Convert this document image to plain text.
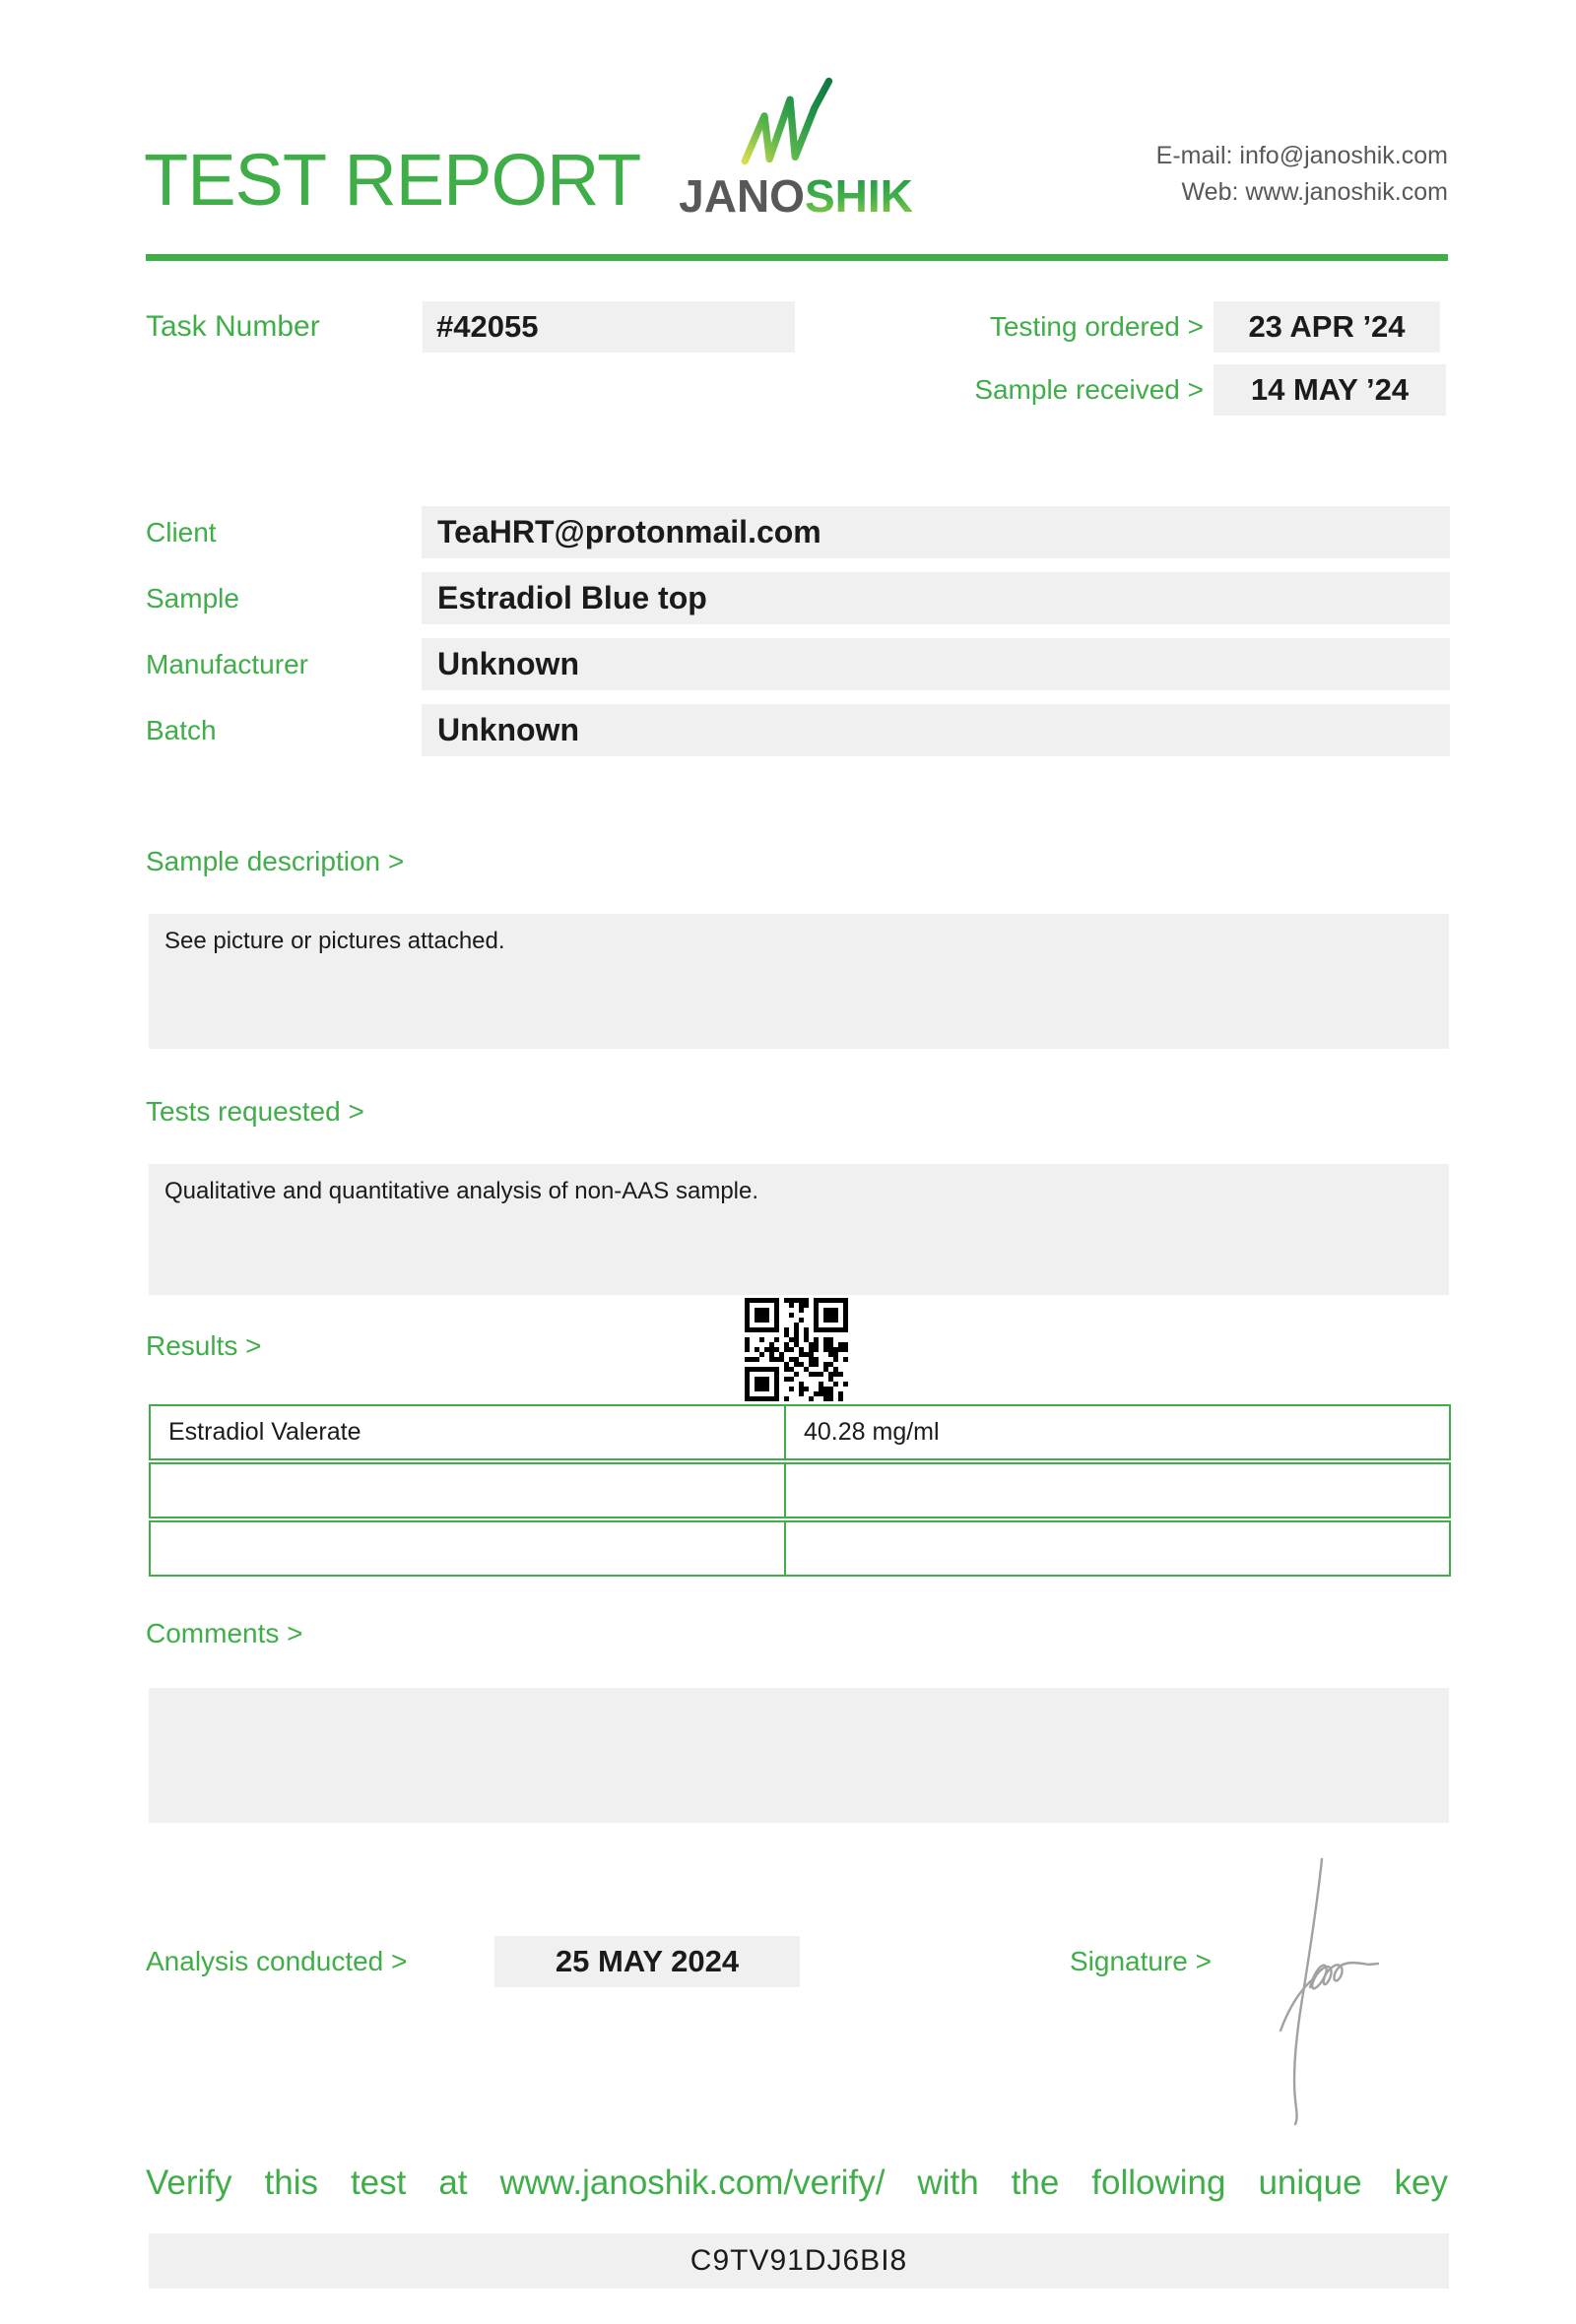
TEST REPORT JANOSHIK
E-mail: info@janoshik.com
Web: www.janoshik.com
Task Number	#42055	Testing ordered >	23 APR ’24
Sample received >	14 MAY ’24
Client	TeaHRT@protonmail.com
Sample	Estradiol Blue top
Manufacturer	Unknown
Batch	Unknown
Sample description >
See picture or pictures attached.
Tests requested >
Qualitative and quantitative analysis of non-AAS sample.
Results >
Estradiol Valerate	40.28 mg/ml
Comments >
Analysis conducted >	25 MAY 2024	Signature >
Verify this test at www.janoshik.com/verify/ with the following unique key
C9TV91DJ6BI8
